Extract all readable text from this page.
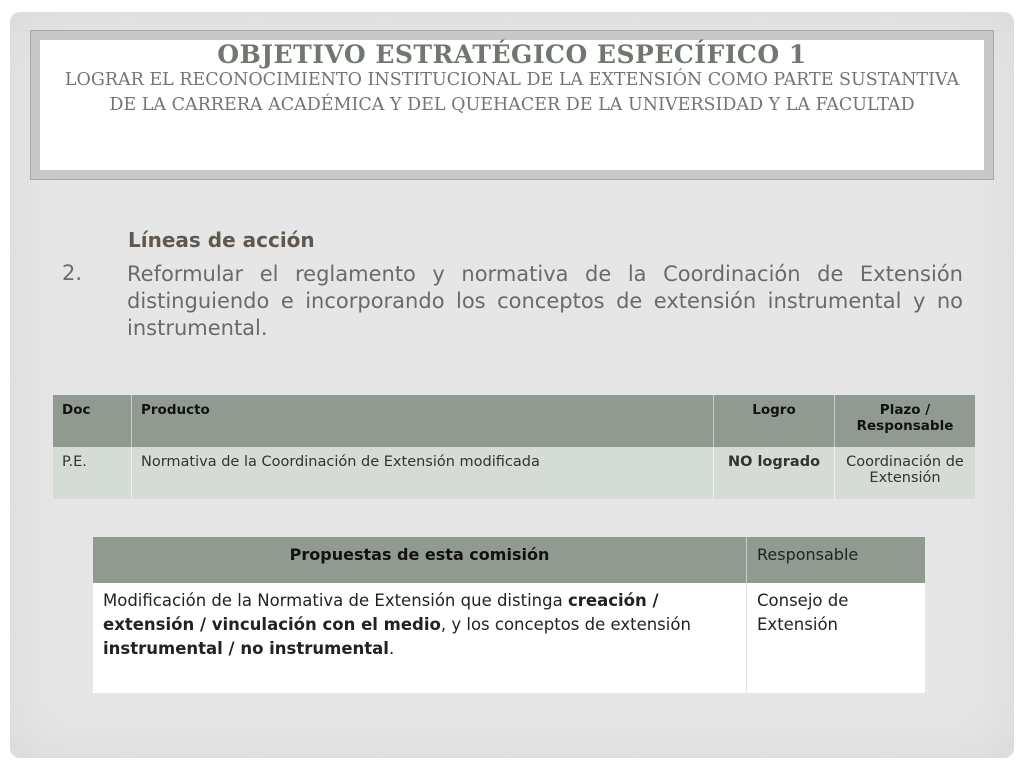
OBJETIVO ESTRATÉGICO ESPECÍFICO 1
LOGRAR EL RECONOCIMIENTO INSTITUCIONAL DE LA EXTENSIÓN COMO PARTE SUSTANTIVA DE LA CARRERA ACADÉMICA Y DEL QUEHACER DE LA UNIVERSIDAD Y LA FACULTAD
Líneas de acción
2. Reformular el reglamento y normativa de la Coordinación de Extensión distinguiendo e incorporando los conceptos de extensión instrumental y no instrumental.
Doc	Producto	Logro	Plazo / Responsable
P.E.	Normativa de la Coordinación de Extensión modificada	NO logrado	Coordinación de Extensión
Propuestas de esta comisión	Responsable
Modificación de la Normativa de Extensión que distinga creación / extensión / vinculación con el medio, y los conceptos de extensión instrumental / no instrumental.	Consejo de Extensión
